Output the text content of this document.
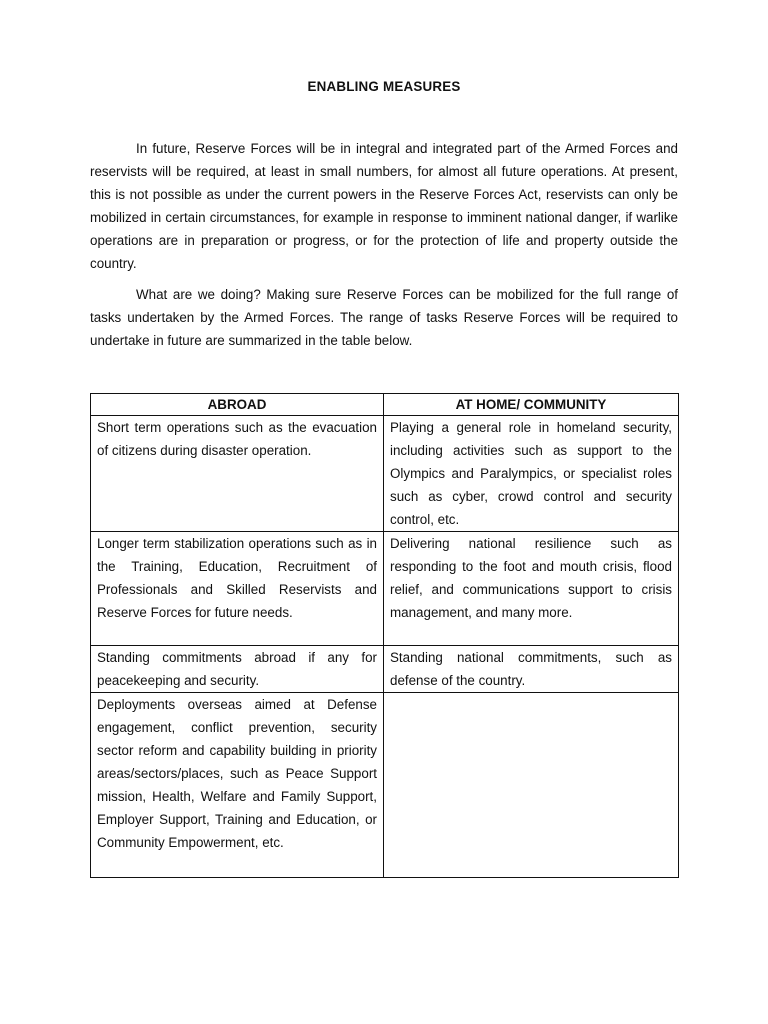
ENABLING MEASURES

In future, Reserve Forces will be in integral and integrated part of the Armed Forces and reservists will be required, at least in small numbers, for almost all future operations. At present, this is not possible as under the current powers in the Reserve Forces Act, reservists can only be mobilized in certain circumstances, for example in response to imminent national danger, if warlike operations are in preparation or progress, or for the protection of life and property outside the country.

What are we doing? Making sure Reserve Forces can be mobilized for the full range of tasks undertaken by the Armed Forces. The range of tasks Reserve Forces will be required to undertake in future are summarized in the table below.

ABROAD	AT HOME/ COMMUNITY

Short term operations such as the evacuation of citizens during disaster operation.	Playing a general role in homeland security, including activities such as support to the Olympics and Paralympics, or specialist roles such as cyber, crowd control and security control, etc.

Longer term stabilization operations such as in the Training, Education, Recruitment of Professionals and Skilled Reservists and Reserve Forces for future needs.	Delivering national resilience such as responding to the foot and mouth crisis, flood relief, and communications support to crisis management, and many more.

Standing commitments abroad if any for peacekeeping and security.	Standing national commitments, such as defense of the country.

Deployments overseas aimed at Defense engagement, conflict prevention, security sector reform and capability building in priority areas/sectors/places, such as Peace Support mission, Health, Welfare and Family Support, Employer Support, Training and Education, or Community Empowerment, etc.	
